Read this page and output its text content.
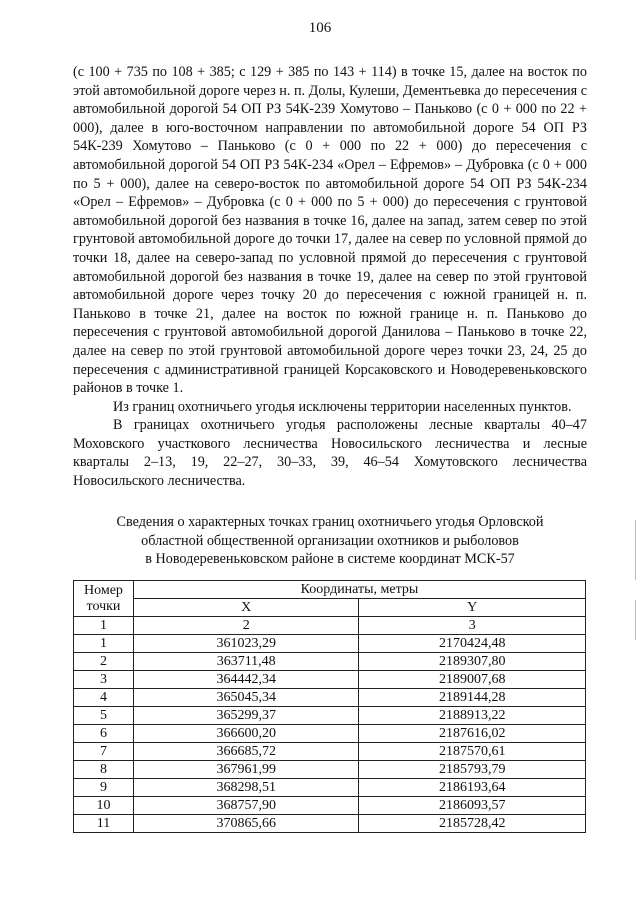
106

(с 100 + 735 по 108 + 385; с 129 + 385 по 143 + 114) в точке 15, далее на восток по этой автомобильной дороге через н. п. Долы, Кулеши, Дементьевка до пересечения с автомобильной дорогой 54 ОП РЗ 54К-239 Хомутово – Паньково (с 0 + 000 по 22 + 000), далее в юго-восточном направлении по автомобильной дороге 54 ОП РЗ 54К-239 Хомутово – Паньково (с 0 + 000 по 22 + 000) до пересечения с автомобильной дорогой 54 ОП РЗ 54К-234 «Орел – Ефремов» – Дубровка (с 0 + 000 по 5 + 000), далее на северо-восток по автомобильной дороге 54 ОП РЗ 54К-234 «Орел – Ефремов» – Дубровка (с 0 + 000 по 5 + 000) до пересечения с грунтовой автомобильной дорогой без названия в точке 16, далее на запад, затем север по этой грунтовой автомобильной дороге до точки 17, далее на север по условной прямой до точки 18, далее на северо-запад по условной прямой до пересечения с грунтовой автомобильной дорогой без названия в точке 19, далее на север по этой грунтовой автомобильной дороге через точку 20 до пересечения с южной границей н. п. Паньково в точке 21, далее на восток по южной границе н. п. Паньково до пересечения с грунтовой автомобильной дорогой Данилова – Паньково в точке 22, далее на север по этой грунтовой автомобильной дороге через точки 23, 24, 25 до пересечения с административной границей Корсаковского и Новодеревеньковского районов в точке 1.

Из границ охотничьего угодья исключены территории населенных пунктов.

В границах охотничьего угодья расположены лесные кварталы 40–47 Моховского участкового лесничества Новосильского лесничества и лесные кварталы 2–13, 19, 22–27, 30–33, 39, 46–54 Хомутовского лесничества Новосильского лесничества.

Сведения о характерных точках границ охотничьего угодья Орловской
областной общественной организации охотников и рыболовов
в Новодеревеньковском районе в системе координат МСК-57
Номер
точки	Координаты, метры	
	X	Y
1	2	3
1	361023,29	2170424,48
2	363711,48	2189307,80
3	364442,34	2189007,68
4	365045,34	2189144,28
5	365299,37	2188913,22
6	366600,20	2187616,02
7	366685,72	2187570,61
8	367961,99	2185793,79
9	368298,51	2186193,64
10	368757,90	2186093,57
11	370865,66	2185728,42
